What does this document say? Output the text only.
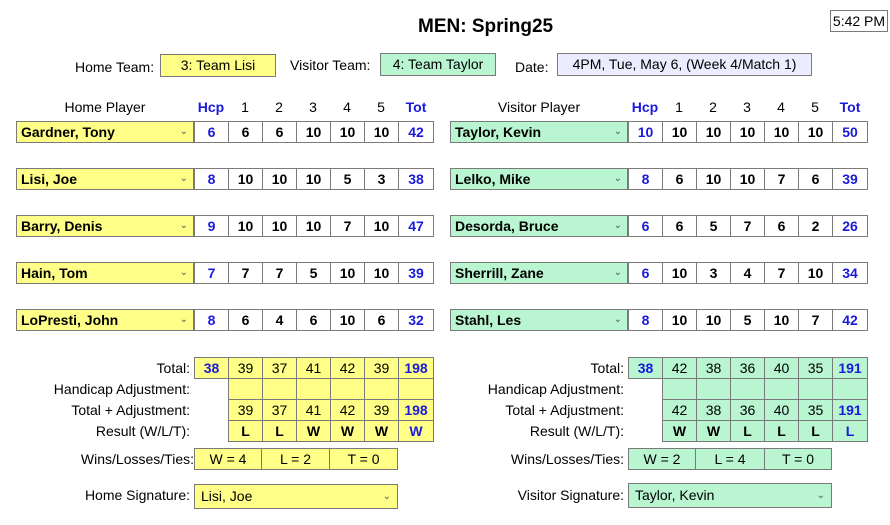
MEN: Spring25	5:42 PM
Home Team:	3: Team Lisi	Visitor Team:	4: Team Taylor	Date:	4PM, Tue, May 6, (Week 4/Match 1)
Home Player	Hcp	1	2	3	4	5	Tot	Visitor Player	Hcp	1	2	3	4	5	Tot
Gardner, Tony	⌄	6	6	6	10	10	10	42
Lisi, Joe	⌄	8	10	10	10	5	3	38
Barry, Denis	⌄	9	10	10	10	7	10	47
Hain, Tom	⌄	7	7	7	5	10	10	39
LoPresti, John	⌄	8	6	4	6	10	6	32
Taylor, Kevin	⌄	10	10	10	10	10	10	50
Lelko, Mike	⌄	8	6	10	10	7	6	39
Desorda, Bruce	⌄	6	6	5	7	6	2	26
Sherrill, Zane	⌄	6	10	3	4	7	10	34
Stahl, Les	⌄	8	10	10	5	10	7	42
Total: 38	39	37	41	42	39	198
Handicap Adjustment:
Total + Adjustment:	39	37	41	42	39	198
Result (W/L/T):	L	L	W	W	W	W
Total: 38	42	38	36	40	35	191
Handicap Adjustment:
Total + Adjustment:	42	38	36	40	35	191
Result (W/L/T):	W	W	L	L	L	L
Wins/Losses/Ties:	W = 4	L = 2	T = 0	Wins/Losses/Ties:	W = 2	L = 4	T = 0
Home Signature: Lisi, Joe	⌄	Visitor Signature: Taylor, Kevin	⌄
